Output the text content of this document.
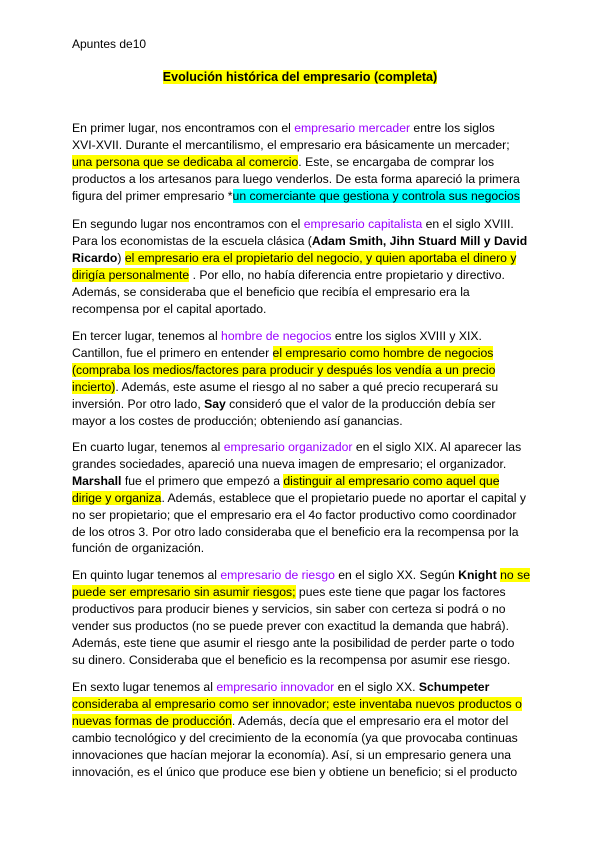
Apuntes de10
Evolución histórica del empresario (completa)
En primer lugar, nos encontramos con el empresario mercader entre los siglos
XVI-XVII. Durante el mercantilismo, el empresario era básicamente un mercader;
una persona que se dedicaba al comercio. Este, se encargaba de comprar los
productos a los artesanos para luego venderlos. De esta forma apareció la primera
figura del primer empresario *un comerciante que gestiona y controla sus negocios
En segundo lugar nos encontramos con el empresario capitalista en el siglo XVIII.
Para los economistas de la escuela clásica (Adam Smith, Jihn Stuard Mill y David
Ricardo) el empresario era el propietario del negocio, y quien aportaba el dinero y
dirigía personalmente . Por ello, no había diferencia entre propietario y directivo.
Además, se consideraba que el beneficio que recibía el empresario era la
recompensa por el capital aportado.
En tercer lugar, tenemos al hombre de negocios entre los siglos XVIII y XIX.
Cantillon, fue el primero en entender el empresario como hombre de negocios
(compraba los medios/factores para producir y después los vendía a un precio
incierto). Además, este asume el riesgo al no saber a qué precio recuperará su
inversión. Por otro lado, Say consideró que el valor de la producción debía ser
mayor a los costes de producción; obteniendo así ganancias.
En cuarto lugar, tenemos al empresario organizador en el siglo XIX. Al aparecer las
grandes sociedades, apareció una nueva imagen de empresario; el organizador.
Marshall fue el primero que empezó a distinguir al empresario como aquel que
dirige y organiza. Además, establece que el propietario puede no aportar el capital y
no ser propietario; que el empresario era el 4o factor productivo como coordinador
de los otros 3. Por otro lado consideraba que el beneficio era la recompensa por la
función de organización.
En quinto lugar tenemos al empresario de riesgo en el siglo XX. Según Knight no se
puede ser empresario sin asumir riesgos; pues este tiene que pagar los factores
productivos para producir bienes y servicios, sin saber con certeza si podrá o no
vender sus productos (no se puede prever con exactitud la demanda que habrá).
Además, este tiene que asumir el riesgo ante la posibilidad de perder parte o todo
su dinero. Consideraba que el beneficio es la recompensa por asumir ese riesgo.
En sexto lugar tenemos al empresario innovador en el siglo XX. Schumpeter
consideraba al empresario como ser innovador; este inventaba nuevos productos o
nuevas formas de producción. Además, decía que el empresario era el motor del
cambio tecnológico y del crecimiento de la economía (ya que provocaba continuas
innovaciones que hacían mejorar la economía). Así, si un empresario genera una
innovación, es el único que produce ese bien y obtiene un beneficio; si el producto
